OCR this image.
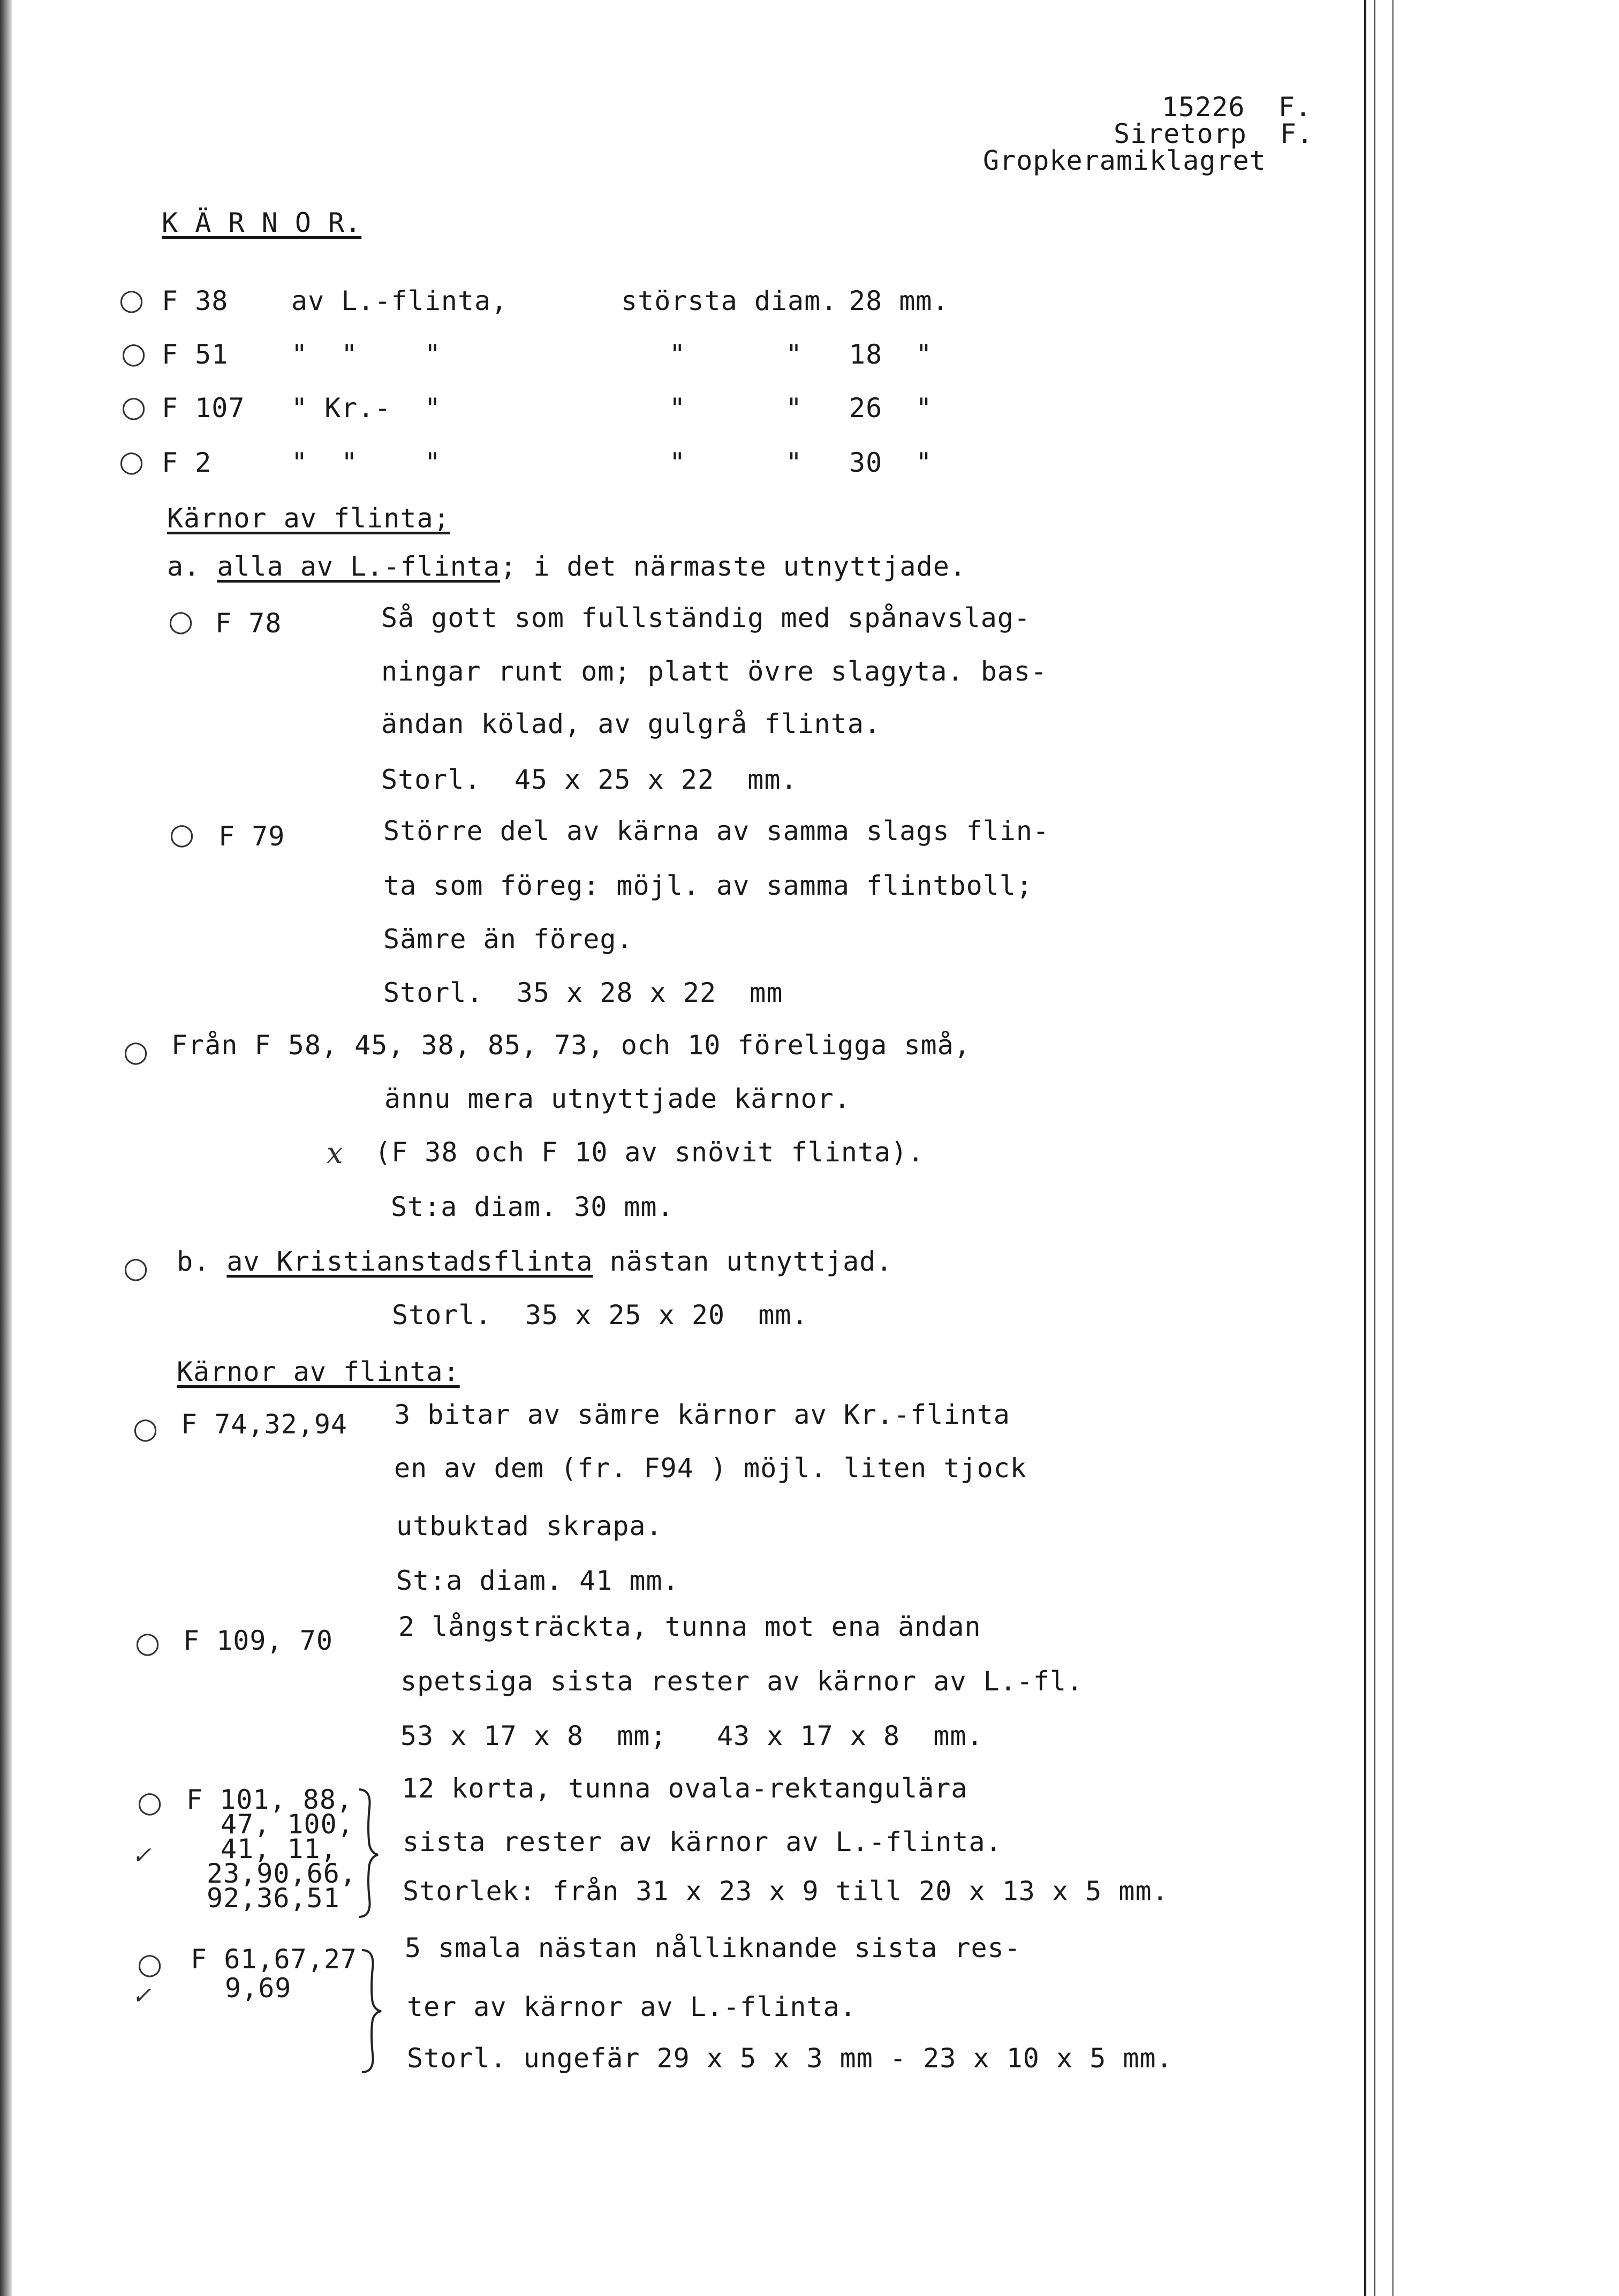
15226  F.
Siretorp  F.
Gropkeramiklagret
K Ä R N O R.
○ F 38 av L.-flinta,	största diam. 28 mm.
○ F 51 "  "    "	"      " 18  "
○ F 107 " Kr.-  "	"      " 26  "
○ F 2	"  "    "	"      " 30  "
Kärnor av flinta;
a. alla av L.-flinta; i det närmaste utnyttjade.
○ F 78	Så gott som fullständig med spånavslag-
ningar runt om; platt övre slagyta. bas-
ändan kölad, av gulgrå flinta.
Storl.  45 x 25 x 22  mm.
○ F 79	Större del av kärna av samma slags flin-
ta som föreg: möjl. av samma flintboll;
Sämre än föreg.
Storl.  35 x 28 x 22  mm
○ Från F 58, 45, 38, 85, 73, och 10 föreligga små,
ännu mera utnyttjade kärnor.
x (F 38 och F 10 av snövit flinta).
St:a diam. 30 mm.
○ b. av Kristianstadsflinta nästan utnyttjad.
Storl.  35 x 25 x 20  mm.
Kärnor av flinta:
○ F 74,32,94 3 bitar av sämre kärnor av Kr.-flinta
en av dem (fr. F94 ) möjl. liten tjock
utbuktad skrapa.
St:a diam. 41 mm.
○ F 109, 70 2 långsträckta, tunna mot ena ändan
spetsiga sista rester av kärnor av L.-fl.
53 x 17 x 8  mm;   43 x 17 x 8  mm.
○
✓
F 101, 88,
47, 100,
41, 11,
23,90,66,
92,36,51
12 korta, tunna ovala-rektangulära
sista rester av kärnor av L.-flinta.
Storlek: från 31 x 23 x 9 till 20 x 13 x 5 mm.
○
✓
F 61,67,27
9,69
5 smala nästan nålliknande sista res-
ter av kärnor av L.-flinta.
Storl. ungefär 29 x 5 x 3 mm - 23 x 10 x 5 mm.
